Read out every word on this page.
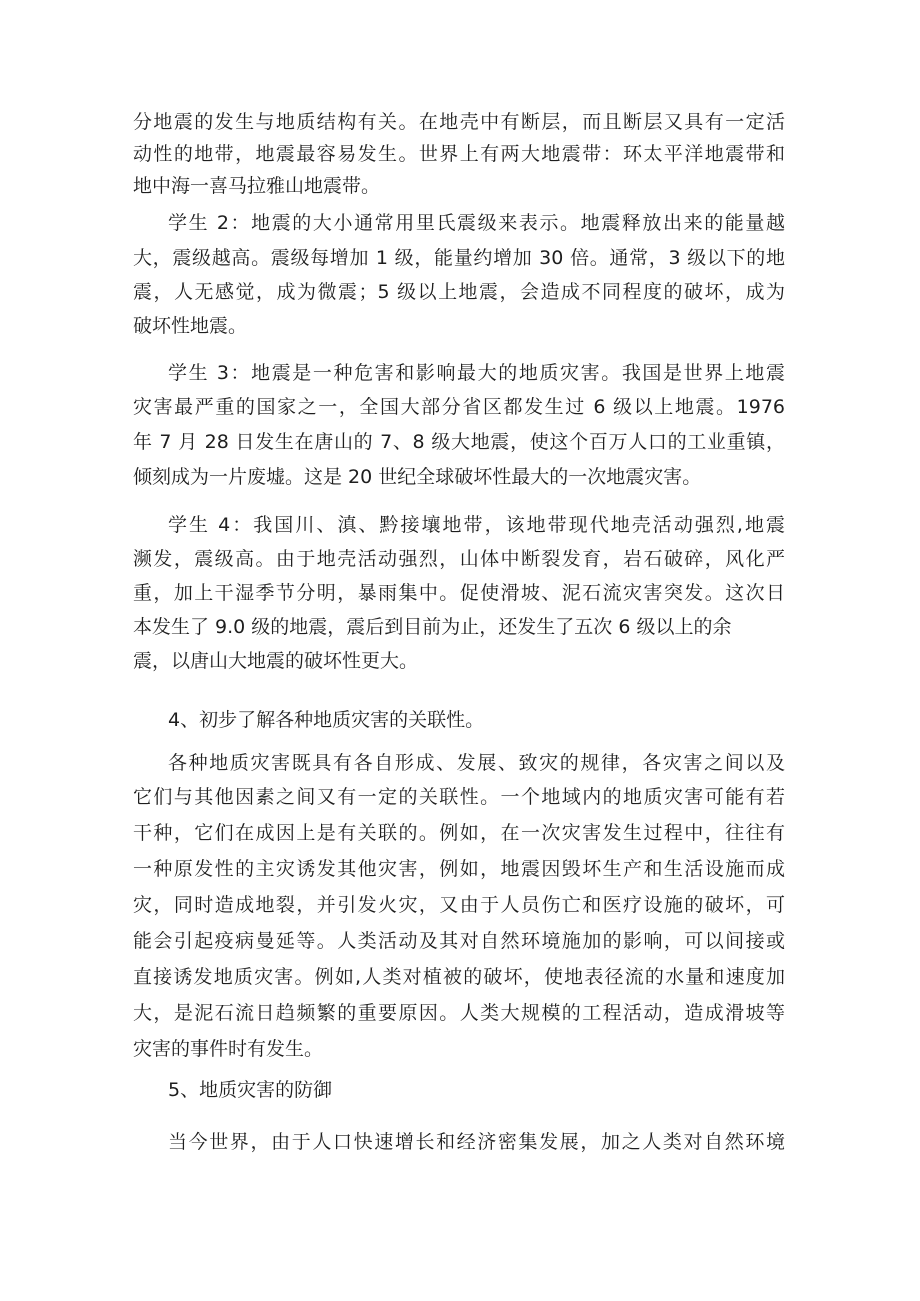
分地震的发生与地质结构有关。在地壳中有断层，而且断层又具有一定活
动性的地带，地震最容易发生。世界上有两大地震带：环太平洋地震带和
地中海一喜马拉雅山地震带。
学生 2：地震的大小通常用里氏震级来表示。地震释放出来的能量越
大，震级越高。震级每增加 1 级，能量约增加 30 倍。通常，3 级以下的地
震，人无感觉，成为微震；5 级以上地震，会造成不同程度的破坏，成为
破坏性地震。
学生 3：地震是一种危害和影响最大的地质灾害。我国是世界上地震
灾害最严重的国家之一，全国大部分省区都发生过 6 级以上地震。1976
年 7 月 28 日发生在唐山的 7、8 级大地震，使这个百万人口的工业重镇，
倾刻成为一片废墟。这是 20 世纪全球破坏性最大的一次地震灾害。
学生 4：我国川、滇、黔接壤地带，该地带现代地壳活动强烈,地震
濒发，震级高。由于地壳活动强烈，山体中断裂发育，岩石破碎，风化严
重，加上干湿季节分明，暴雨集中。促使滑坡、泥石流灾害突发。这次日
本发生了 9.0 级的地震，震后到目前为止，还发生了五次 6 级以上的余
震，以唐山大地震的破坏性更大。
4、初步了解各种地质灾害的关联性。
各种地质灾害既具有各自形成、发展、致灾的规律，各灾害之间以及
它们与其他因素之间又有一定的关联性。一个地域内的地质灾害可能有若
干种，它们在成因上是有关联的。例如，在一次灾害发生过程中，往往有
一种原发性的主灾诱发其他灾害，例如，地震因毁坏生产和生活设施而成
灾，同时造成地裂，并引发火灾，又由于人员伤亡和医疗设施的破坏，可
能会引起疫病曼延等。人类活动及其对自然环境施加的影响，可以间接或
直接诱发地质灾害。例如,人类对植被的破坏，使地表径流的水量和速度加
大，是泥石流日趋频繁的重要原因。人类大规模的工程活动，造成滑坡等
灾害的事件时有发生。
5、地质灾害的防御
当今世界，由于人口快速增长和经济密集发展，加之人类对自然环境
